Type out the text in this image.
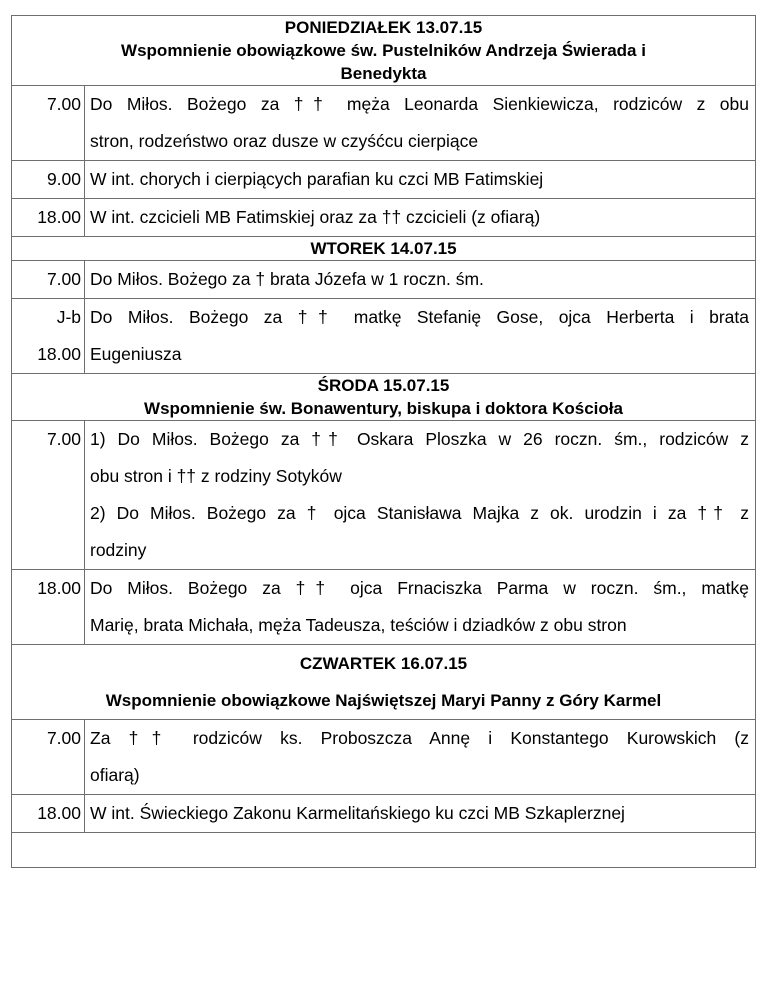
PONIEDZIAŁEK 13.07.15
Wspomnienie obowiązkowe św. Pustelników Andrzeja Świerada i
Benedykta	

7.00	Do Miłos. Bożego za †† męża Leonarda Sienkiewicza, rodziców z obu
stron, rodzeństwo oraz dusze w czyśćcu cierpiące

9.00	W int. chorych i cierpiących parafian ku czci MB Fatimskiej

18.00	W int. czcicieli MB Fatimskiej oraz za †† czcicieli (z ofiarą)

WTOREK 14.07.15	

7.00	Do Miłos. Bożego za † brata Józefa w 1 roczn. śm.

J-b
18.00	Do Miłos. Bożego za †† matkę Stefanię Gose, ojca Herberta i brata
Eugeniusza

ŚRODA 15.07.15
Wspomnienie św. Bonawentury, biskupa i doktora Kościoła	

7.00	1) Do Miłos. Bożego za †† Oskara Ploszka w 26 roczn. śm., rodziców z
obu stron i †† z rodziny Sotyków
2) Do Miłos. Bożego za † ojca Stanisława Majka z ok. urodzin i za †† z
rodziny

18.00	Do Miłos. Bożego za †† ojca Frnaciszka Parma w roczn. śm., matkę
Marię, brata Michała, męża Tadeusza, teściów i dziadków z obu stron

CZWARTEK 16.07.15
Wspomnienie obowiązkowe Najświętszej Maryi Panny z Góry Karmel	

7.00	Za †† rodziców ks. Proboszcza Annę i Konstantego Kurowskich (z
ofiarą)

18.00	W int. Świeckiego Zakonu Karmelitańskiego ku czci MB Szkaplerznej
